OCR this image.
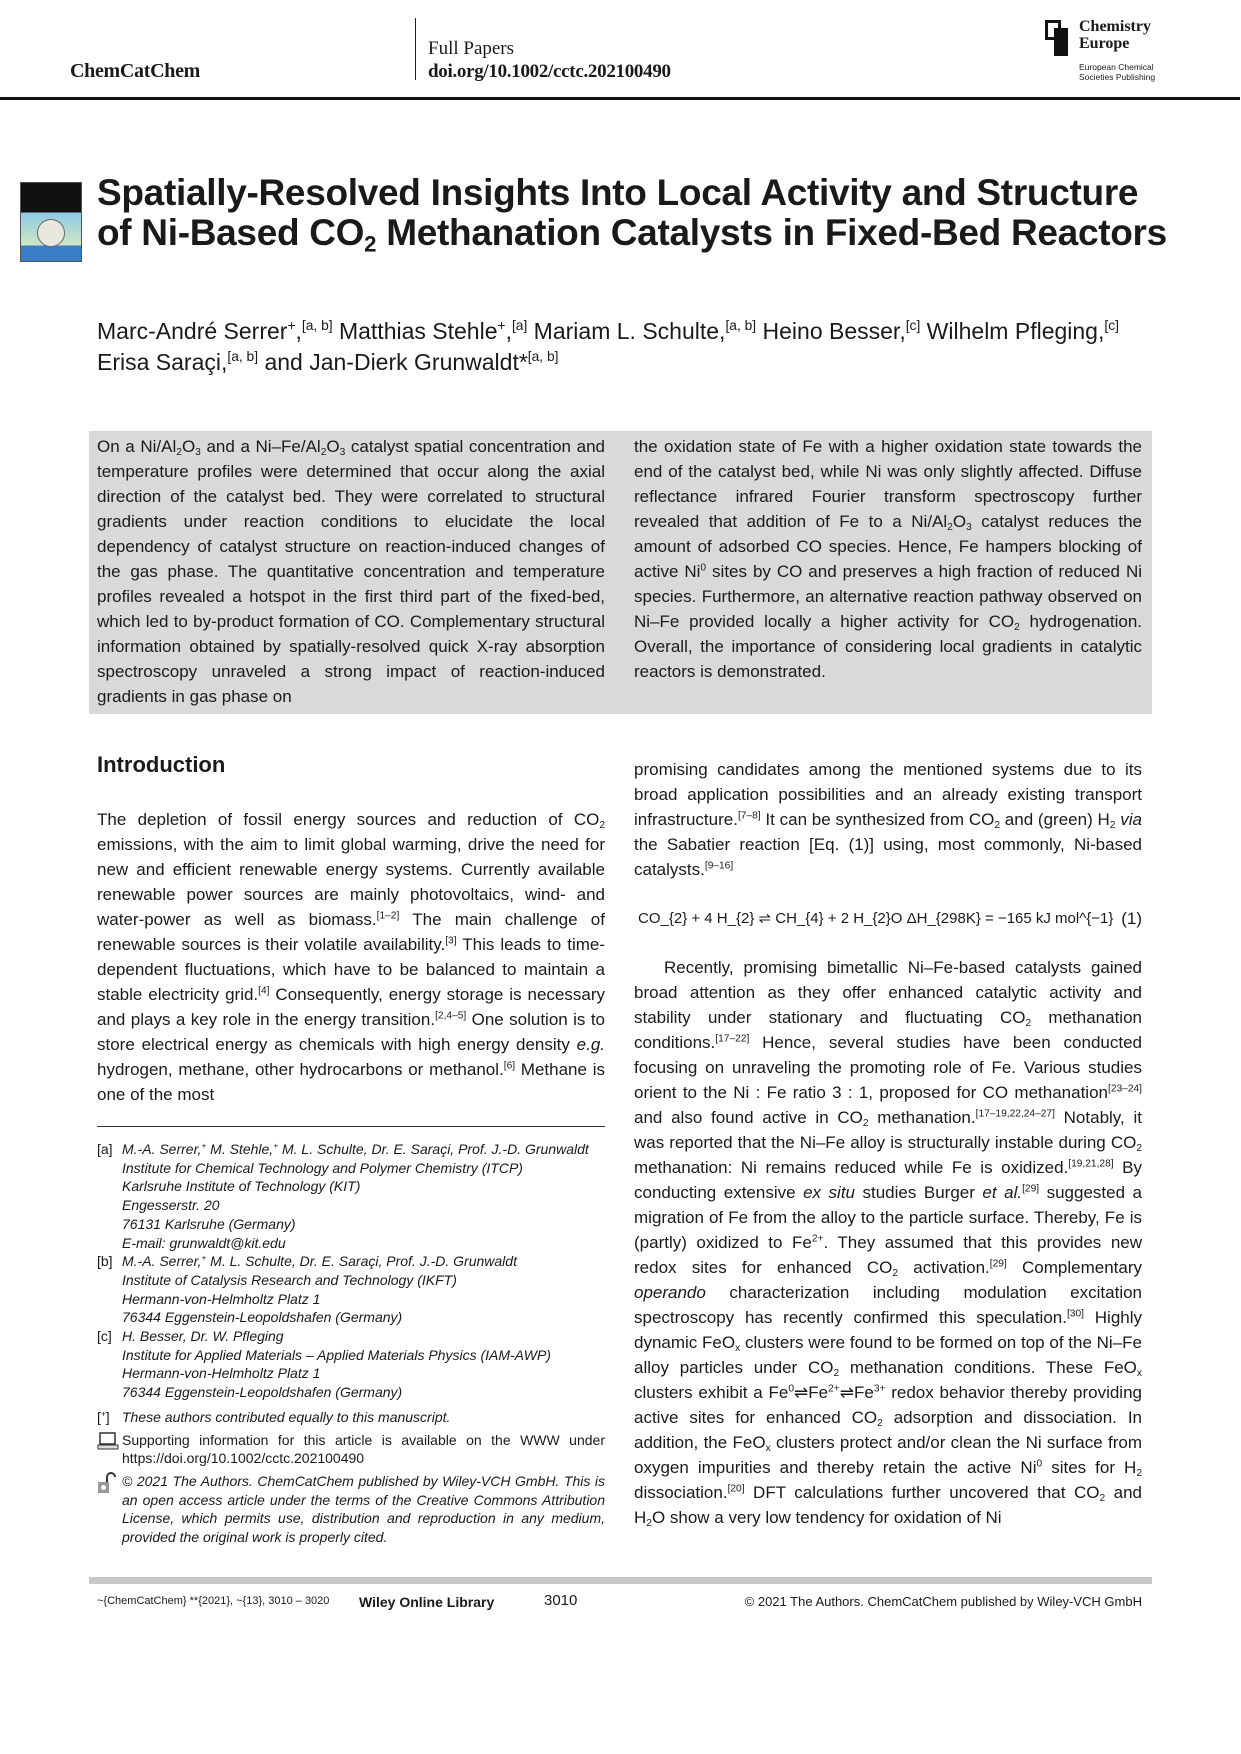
ChemCatChem
Full Papers
doi.org/10.1002/cctc.202100490
Chemistry
Europe
European Chemical
Societies Publishing
Spatially-Resolved Insights Into Local Activity and Structure of Ni-Based $CO_2$ Methanation Catalysts in Fixed-Bed Reactors
Marc-André Serrer+,[a, b] Matthias Stehle+,[a] Mariam L. Schulte,[a, b] Heino Besser,[c] Wilhelm Pfleging,[c] Erisa Saraçi,[a, b] and Jan-Dierk Grunwaldt*[a, b]
On a $Ni/Al_2O_3$ and a $Ni-Fe/Al_2O_3$ catalyst spatial concentration and temperature profiles were determined that occur along the axial direction of the catalyst bed. They were correlated to structural gradients under reaction conditions to elucidate the local dependency of catalyst structure on reaction-induced changes of the gas phase. The quantitative concentration and temperature profiles revealed a hotspot in the first third part of the fixed-bed, which led to by-product formation of CO. Complementary structural information obtained by spatially-resolved quick X-ray absorption spectroscopy unraveled a strong impact of reaction-induced gradients in gas phase on
the oxidation state of Fe with a higher oxidation state towards the end of the catalyst bed, while Ni was only slightly affected. Diffuse reflectance infrared Fourier transform spectroscopy further revealed that addition of Fe to a $Ni/Al_2O_3$ catalyst reduces the amount of adsorbed CO species. Hence, Fe hampers blocking of active Ni$^0$ sites by CO and preserves a high fraction of reduced Ni species. Furthermore, an alternative reaction pathway observed on Ni–Fe provided locally a higher activity for $CO_2$ hydrogenation. Overall, the importance of considering local gradients in catalytic reactors is demonstrated.
Introduction
The depletion of fossil energy sources and reduction of $CO_2$ emissions, with the aim to limit global warming, drive the need for new and efficient renewable energy systems. Currently available renewable power sources are mainly photovoltaics, wind- and water-power as well as biomass.[1–2] The main challenge of renewable sources is their volatile availability.[3] This leads to time-dependent fluctuations, which have to be balanced to maintain a stable electricity grid.[4] Consequently, energy storage is necessary and plays a key role in the energy transition.[2,4–5] One solution is to store electrical energy as chemicals with high energy density e.g. hydrogen, methane, other hydrocarbons or methanol.[6] Methane is one of the most
promising candidates among the mentioned systems due to its broad application possibilities and an already existing transport infrastructure.[7–8] It can be synthesized from $CO_2$ and (green) $H_2$ via the Sabatier reaction [Eq. (1)] using, most commonly, Ni-based catalysts.[9–16]
CO_{2} + 4 H_{2} ⇌ CH_{4} + 2 H_{2}O ΔH_{298K} = −165 kJ mol^{−1} (1)
Recently, promising bimetallic Ni–Fe-based catalysts gained broad attention as they offer enhanced catalytic activity and stability under stationary and fluctuating $CO_2$ methanation conditions.[17–22] Hence, several studies have been conducted focusing on unraveling the promoting role of Fe. Various studies orient to the Ni : Fe ratio 3 : 1, proposed for CO methanation[23–24] and also found active in $CO_2$ methanation.[17–19,22,24–27] Notably, it was reported that the Ni–Fe alloy is structurally instable during $CO_2$ methanation: Ni remains reduced while Fe is oxidized.[19,21,28] By conducting extensive ex situ studies Burger et al.[29] suggested a migration of Fe from the alloy to the particle surface. Thereby, Fe is (partly) oxidized to $Fe^{2+}$. They assumed that this provides new redox sites for enhanced $CO_2$ activation.[29] Complementary operando characterization including modulation excitation spectroscopy has recently confirmed this speculation.[30] Highly dynamic FeO$_x$ clusters were found to be formed on top of the Ni–Fe alloy particles under $CO_2$ methanation conditions. These FeO$_x$ clusters exhibit a $Fe^0\rightleftharpoons Fe^{2+}\rightleftharpoons Fe^{3+}$ redox behavior thereby providing active sites for enhanced $CO_2$ adsorption and dissociation. In addition, the FeO$_x$ clusters protect and/or clean the Ni surface from oxygen impurities and thereby retain the active Ni$^0$ sites for $H_2$ dissociation.[20] DFT calculations further uncovered that $CO_2$ and $H_2O$ show a very low tendency for oxidation of Ni
[a] M.-A. Serrer,+ M. Stehle,+ M. L. Schulte, Dr. E. Saraçi, Prof. J.-D. Grunwaldt
Institute for Chemical Technology and Polymer Chemistry (ITCP)
Karlsruhe Institute of Technology (KIT)
Engesserstr. 20
76131 Karlsruhe (Germany)
E-mail: grunwaldt@kit.edu
[b] M.-A. Serrer,+ M. L. Schulte, Dr. E. Saraçi, Prof. J.-D. Grunwaldt
Institute of Catalysis Research and Technology (IKFT)
Hermann-von-Helmholtz Platz 1
76344 Eggenstein-Leopoldshafen (Germany)
[c] H. Besser, Dr. W. Pfleging
Institute for Applied Materials – Applied Materials Physics (IAM-AWP)
Hermann-von-Helmholtz Platz 1
76344 Eggenstein-Leopoldshafen (Germany)
[+] These authors contributed equally to this manuscript.
Supporting information for this article is available on the WWW under https://doi.org/10.1002/cctc.202100490
© 2021 The Authors. ChemCatChem published by Wiley-VCH GmbH. This is an open access article under the terms of the Creative Commons Attribution License, which permits use, distribution and reproduction in any medium, provided the original work is properly cited.
~{ChemCatChem} **{2021}, ~{13}, 3010 – 3020 Wiley Online Library	3010	© 2021 The Authors. ChemCatChem published by Wiley-VCH GmbH
